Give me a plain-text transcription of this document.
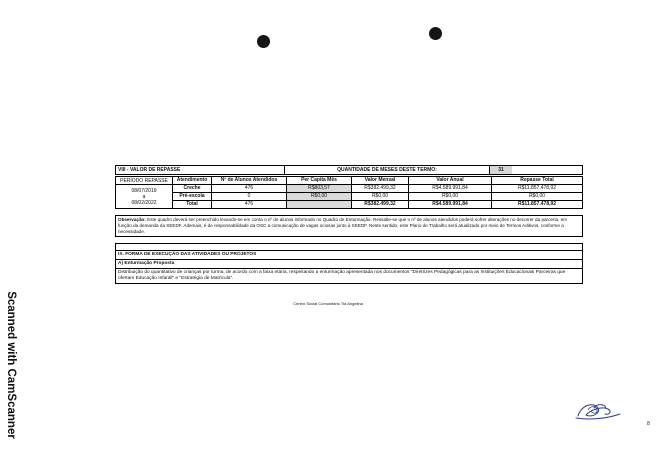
Scanned with CamScanner
VIII - VALOR DE REPASSE	QUANTIDADE DE MESES DESTE TERMO:	31
PERÍODO REPASSE	Atendimento	Nº de Alunos Atendidos	Per Capita Mês	Valor Mensal	Valor Anual	Repasse Total

08/07/2019
a
08/02/2022	Creche	476	R$803,57	R$382.499,32	R$4.589.991,84	R$11.857.478,92
	Pré-escola	0	R$0,00	R$0,00	R$0,00	R$0,00
	Total	476		R$382.499,32	R$4.589.991,84	R$11.857.478,92
Observação: Este quadro deverá ser preenchido levando-se em conta o nº de alunos informado no Quadro de Enturmação. Ressalte-se que o nº de alunos atendidos poderá sofrer alterações no decorrer da parceria, em função da demanda da SEEDF. Ademais, é de responsabilidade da OSC a comunicação de vagas ociosas junto à SEEDF. Neste sentido, este Plano de Trabalho será atualizado por meio de Termos Aditivos, conforme a necessidade.
IX. FORMA DE EXECUÇÃO DAS ATIVIDADES OU PROJETOS
A) Enturmação Proposta
Distribuição do quantitativo de crianças por turma, de acordo com a faixa etária, respeitando a enturmação apresentada nos documentos "Diretrizes Pedagógicas para as Instituições Educacionais Parceiras que ofertam Educação Infantil" e "Estratégia de Matrícula".
Centro Social Comunitário Tia Angelina
8
